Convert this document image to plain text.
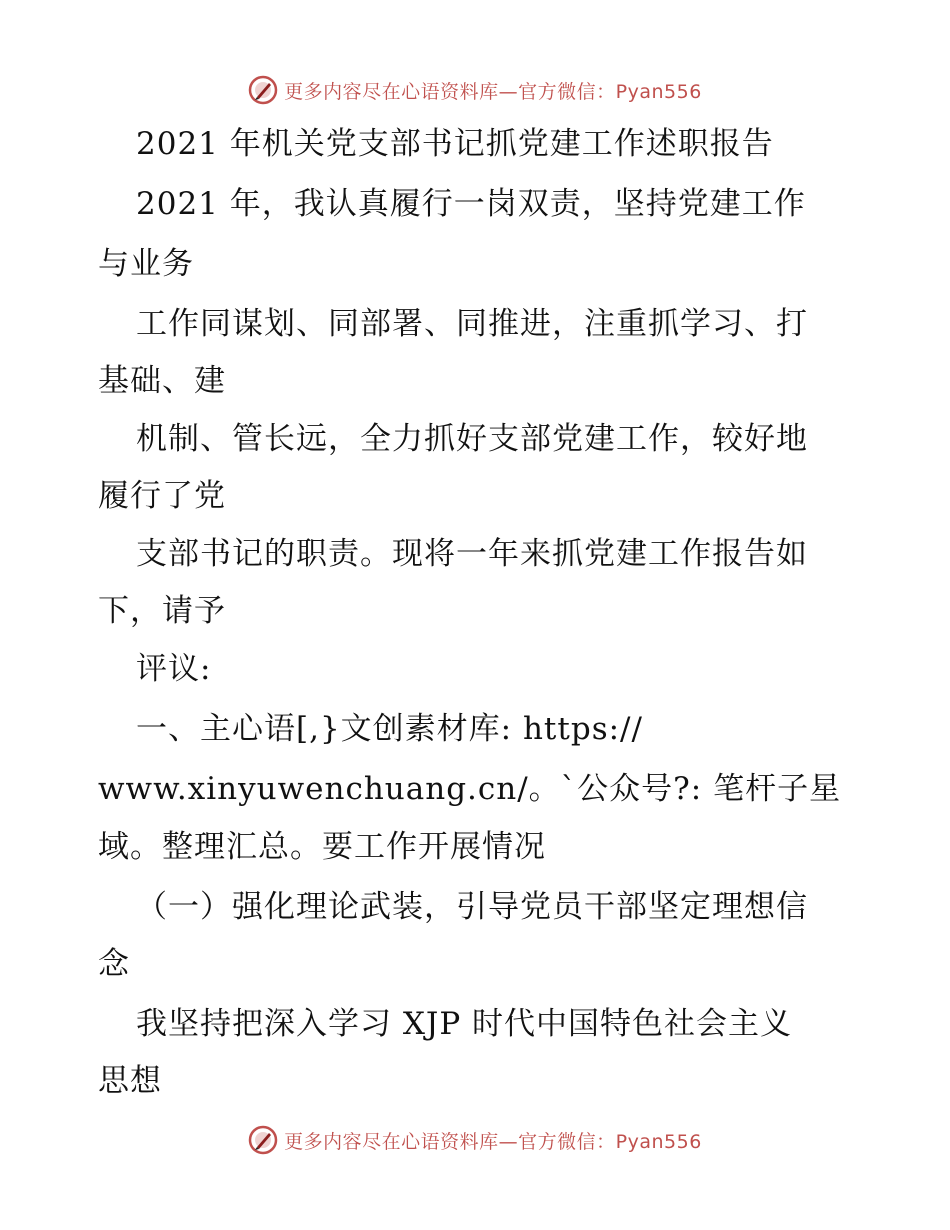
更多内容尽在心语资料库—官方微信：Pyan556
2021 年机关党支部书记抓党建工作述职报告
2021 年，我认真履行一岗双责，坚持党建工作
与业务
工作同谋划、同部署、同推进，注重抓学习、打
基础、建
机制、管长远，全力抓好支部党建工作，较好地
履行了党
支部书记的职责。现将一年来抓党建工作报告如
下，请予
评议:
一、主心语[,}文创素材库: https://
www.xinyuwenchuang.cn/。`公众号?: 笔杆子星
域。整理汇总。要工作开展情况
（一）强化理论武装，引导党员干部坚定理想信
念
我坚持把深入学习 XJP 时代中国特色社会主义
思想
更多内容尽在心语资料库—官方微信：Pyan556
